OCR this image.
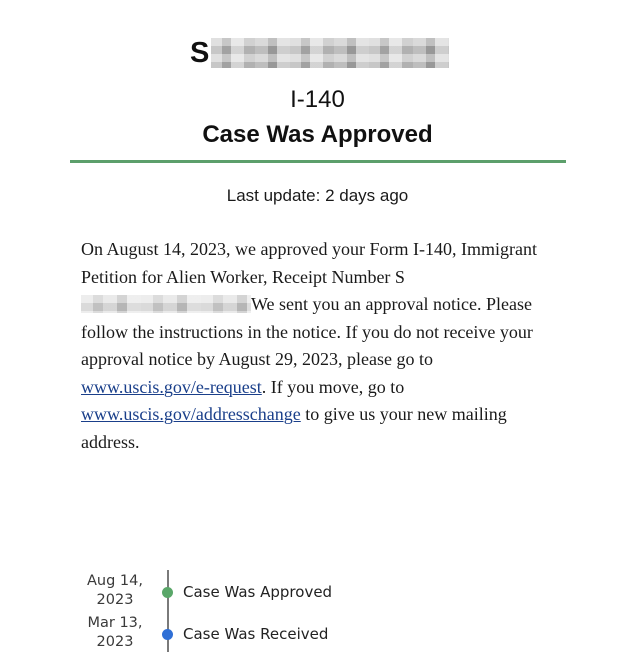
S
I-140
Case Was Approved
Last update: 2 days ago
On August 14, 2023, we approved your Form I-140, Immigrant Petition for Alien Worker, Receipt Number SWe sent you an approval notice. Please follow the instructions in the notice. If you do not receive your approval notice by August 29, 2023, please go to www.uscis.gov/e-request. If you move, go to www.uscis.gov/addresschange to give us your new mailing address.
Aug 14,
2023	Case Was Approved
Mar 13,
2023	Case Was Received
